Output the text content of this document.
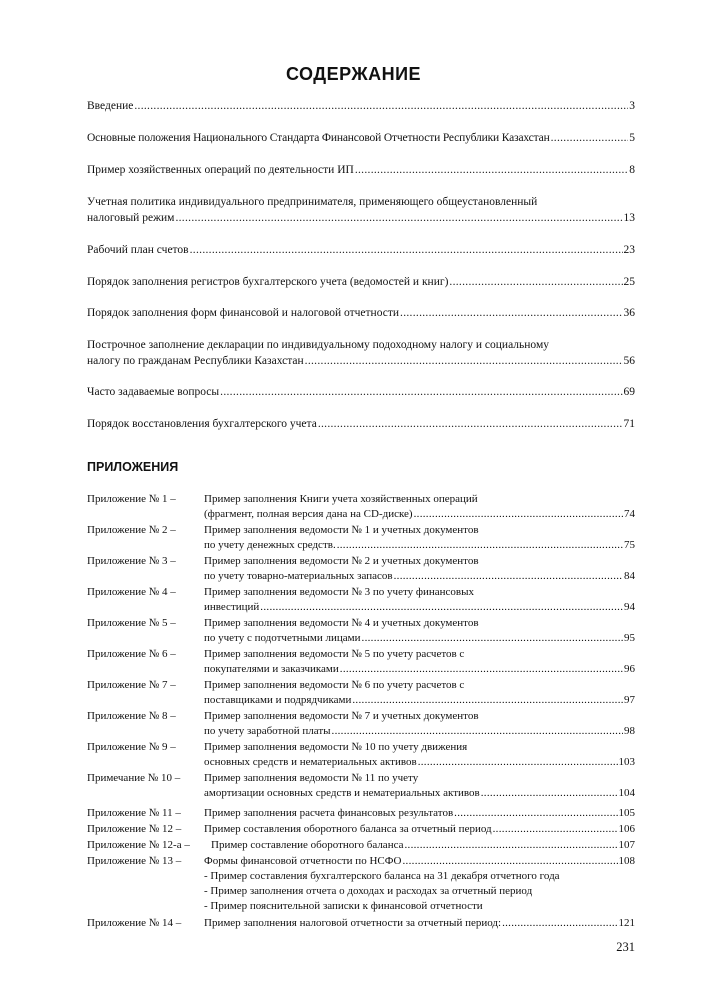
СОДЕРЖАНИЕ
Введение .....	3
Основные положения Национального Стандарта Финансовой Отчетности Республики Казахстан .....	5
Пример хозяйственных операций по деятельности ИП .....	8
Учетная политика индивидуального предпринимателя, применяющего общеустановленный
налоговый режим .....	13
Рабочий план счетов .....	23
Порядок заполнения регистров бухгалтерского учета (ведомостей и книг) .....	25
Порядок заполнения форм финансовой и налоговой отчетности .....	36
Построчное заполнение декларации по индивидуальному подоходному налогу и социальному
налогу по гражданам Республики Казахстан .....	56
Часто задаваемые вопросы .....	69
Порядок восстановления бухгалтерского учета .....	71
ПРИЛОЖЕНИЯ
Приложение № 1 –	Пример заполнения Книги учета хозяйственных операций
(фрагмент, полная версия дана на CD-диске) .....	74
Приложение № 2 –	Пример заполнения ведомости № 1 и учетных документов
по учету денежных средств. .....	75
Приложение № 3 –	Пример заполнения ведомости № 2 и учетных документов
по учету товарно-материальных запасов .....	84
Приложение № 4 –	Пример заполнения ведомости № 3 по учету финансовых
инвестиций .....	94
Приложение № 5 –	Пример заполнения ведомости № 4 и учетных документов
по учету с подотчетными лицами .....	95
Приложение № 6 –	Пример заполнения ведомости № 5 по учету расчетов с
покупателями и заказчиками .....	96
Приложение № 7 –	Пример заполнения ведомости № 6 по учету расчетов с
поставщиками и подрядчиками .....	97
Приложение № 8 –	Пример заполнения ведомости № 7 и учетных документов
по учету заработной платы .....	98
Приложение № 9 –	Пример заполнения ведомости № 10 по учету движения
основных средств и нематериальных активов .....	103
Примечание № 10 – Пример заполнения ведомости № 11 по учету
амортизации основных средств и нематериальных активов .....	104
Приложение № 11 – Пример заполнения расчета финансовых результатов .....	105
Приложение № 12 – Пример составления оборотного баланса за отчетный период .....	106
Приложение № 12-а – Пример составление оборотного баланса .....	107
Приложение № 13 – Формы финансовой отчетности по НСФО .....	108
- Пример составления бухгалтерского баланса на 31 декабря отчетного года
- Пример заполнения отчета о доходах и расходах за отчетный период
- Пример пояснительной записки к финансовой отчетности
Приложение № 14 – Пример заполнения налоговой отчетности за отчетный период: .....	121
231
